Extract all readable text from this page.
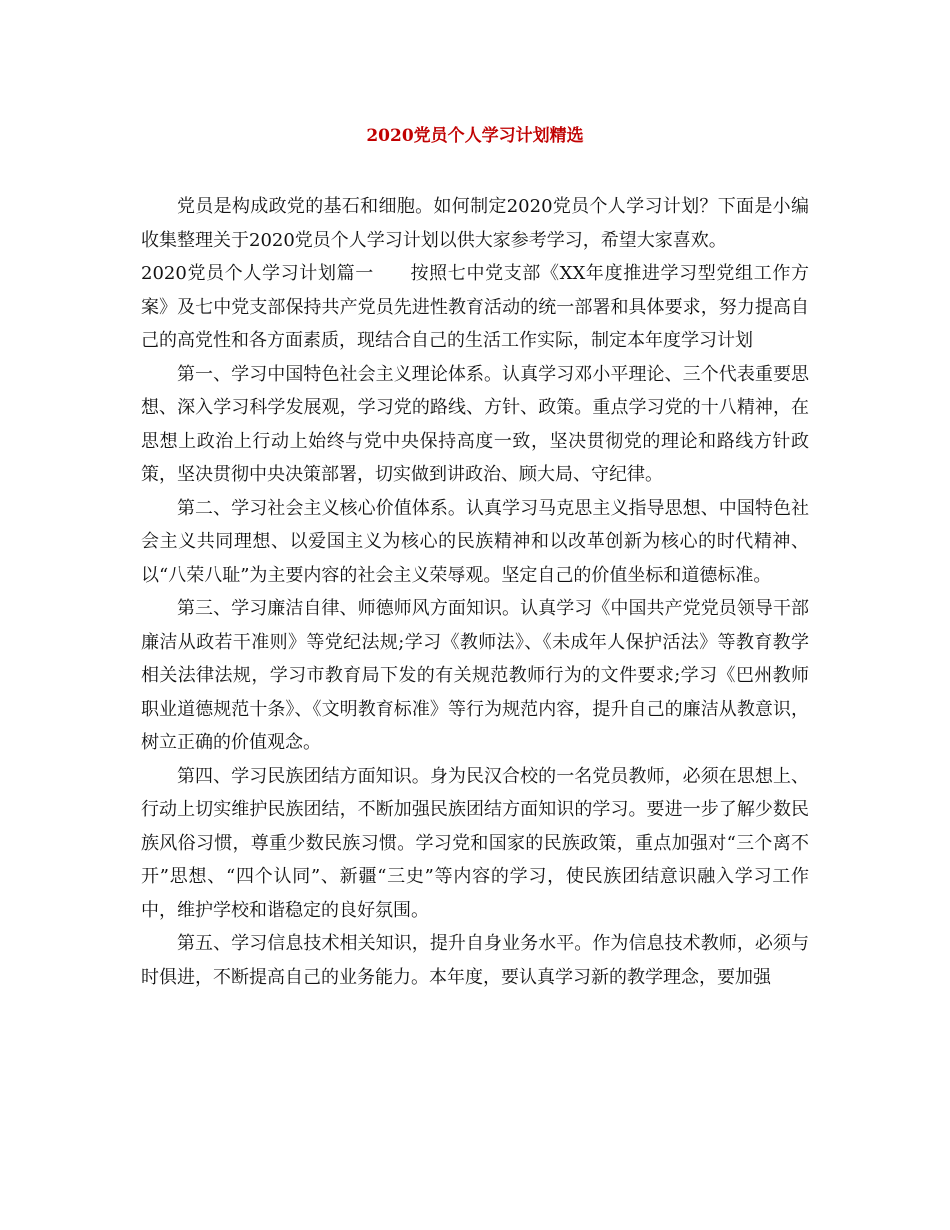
2020党员个人学习计划精选

党员是构成政党的基石和细胞。如何制定2020党员个人学习计划？下面是小编收集整理关于2020党员个人学习计划以供大家参考学习，希望大家喜欢。

2020党员个人学习计划篇一 按照七中党支部《XX年度推进学习型党组工作方案》及七中党支部保持共产党员先进性教育活动的统一部署和具体要求，努力提高自己的高党性和各方面素质，现结合自己的生活工作实际，制定本年度学习计划

第一、学习中国特色社会主义理论体系。认真学习邓小平理论、三个代表重要思想、深入学习科学发展观，学习党的路线、方针、政策。重点学习党的十八精神，在思想上政治上行动上始终与党中央保持高度一致，坚决贯彻党的理论和路线方针政策，坚决贯彻中央决策部署，切实做到讲政治、顾大局、守纪律。

第二、学习社会主义核心价值体系。认真学习马克思主义指导思想、中国特色社会主义共同理想、以爱国主义为核心的民族精神和以改革创新为核心的时代精神、以“八荣八耻”为主要内容的社会主义荣辱观。坚定自己的价值坐标和道德标准。

第三、学习廉洁自律、师德师风方面知识。认真学习《中国共产党党员领导干部廉洁从政若干准则》等党纪法规;学习《教师法》、《未成年人保护活法》等教育教学相关法律法规，学习市教育局下发的有关规范教师行为的文件要求;学习《巴州教师职业道德规范十条》、《文明教育标准》等行为规范内容，提升自己的廉洁从教意识，树立正确的价值观念。

第四、学习民族团结方面知识。身为民汉合校的一名党员教师，必须在思想上、行动上切实维护民族团结，不断加强民族团结方面知识的学习。要进一步了解少数民族风俗习惯，尊重少数民族习惯。学习党和国家的民族政策，重点加强对“三个离不开”思想、“四个认同”、新疆“三史”等内容的学习，使民族团结意识融入学习工作中，维护学校和谐稳定的良好氛围。

第五、学习信息技术相关知识，提升自身业务水平。作为信息技术教师，必须与时俱进，不断提高自己的业务能力。本年度，要认真学习新的教学理念，要加强
